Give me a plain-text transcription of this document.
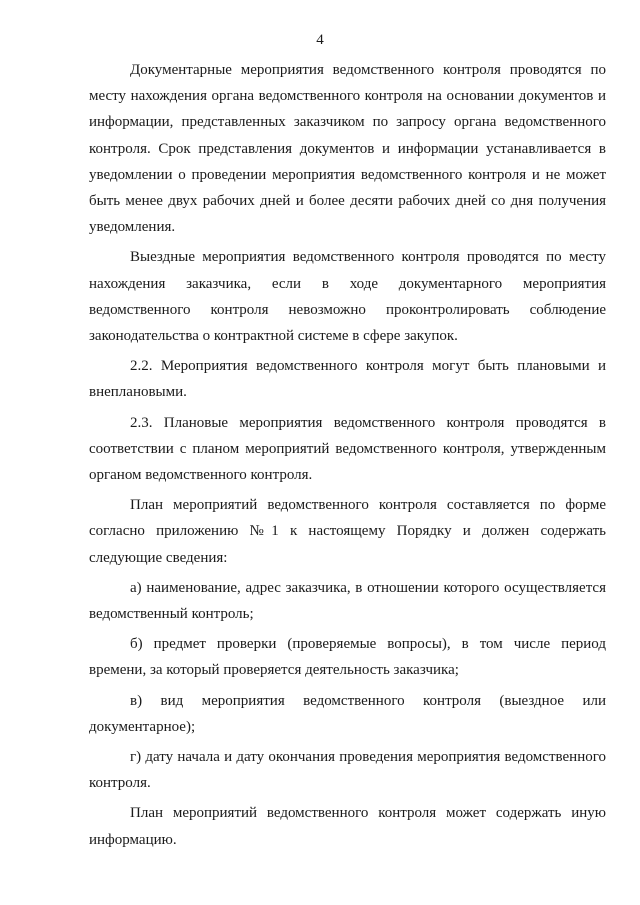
4

Документарные мероприятия ведомственного контроля проводятся по месту нахождения органа ведомственного контроля на основании документов и информации, представленных заказчиком по запросу органа ведомственного контроля. Срок представления документов и информации устанавливается в уведомлении о проведении мероприятия ведомственного контроля и не может быть менее двух рабочих дней и более десяти рабочих дней со дня получения уведомления.

Выездные мероприятия ведомственного контроля проводятся по месту нахождения заказчика, если в ходе документарного мероприятия ведомственного контроля невозможно проконтролировать соблюдение законодательства о контрактной системе в сфере закупок.

2.2. Мероприятия ведомственного контроля могут быть плановыми и внеплановыми.

2.3. Плановые мероприятия ведомственного контроля проводятся в соответствии с планом мероприятий ведомственного контроля, утвержденным органом ведомственного контроля.

План мероприятий ведомственного контроля составляется по форме согласно приложению №1 к настоящему Порядку и должен содержать следующие сведения:

а) наименование, адрес заказчика, в отношении которого осуществляется ведомственный контроль;

б) предмет проверки (проверяемые вопросы), в том числе период времени, за который проверяется деятельность заказчика;

в) вид мероприятия ведомственного контроля (выездное или документарное);

г) дату начала и дату окончания проведения мероприятия ведомственного контроля.

План мероприятий ведомственного контроля может содержать иную информацию.
